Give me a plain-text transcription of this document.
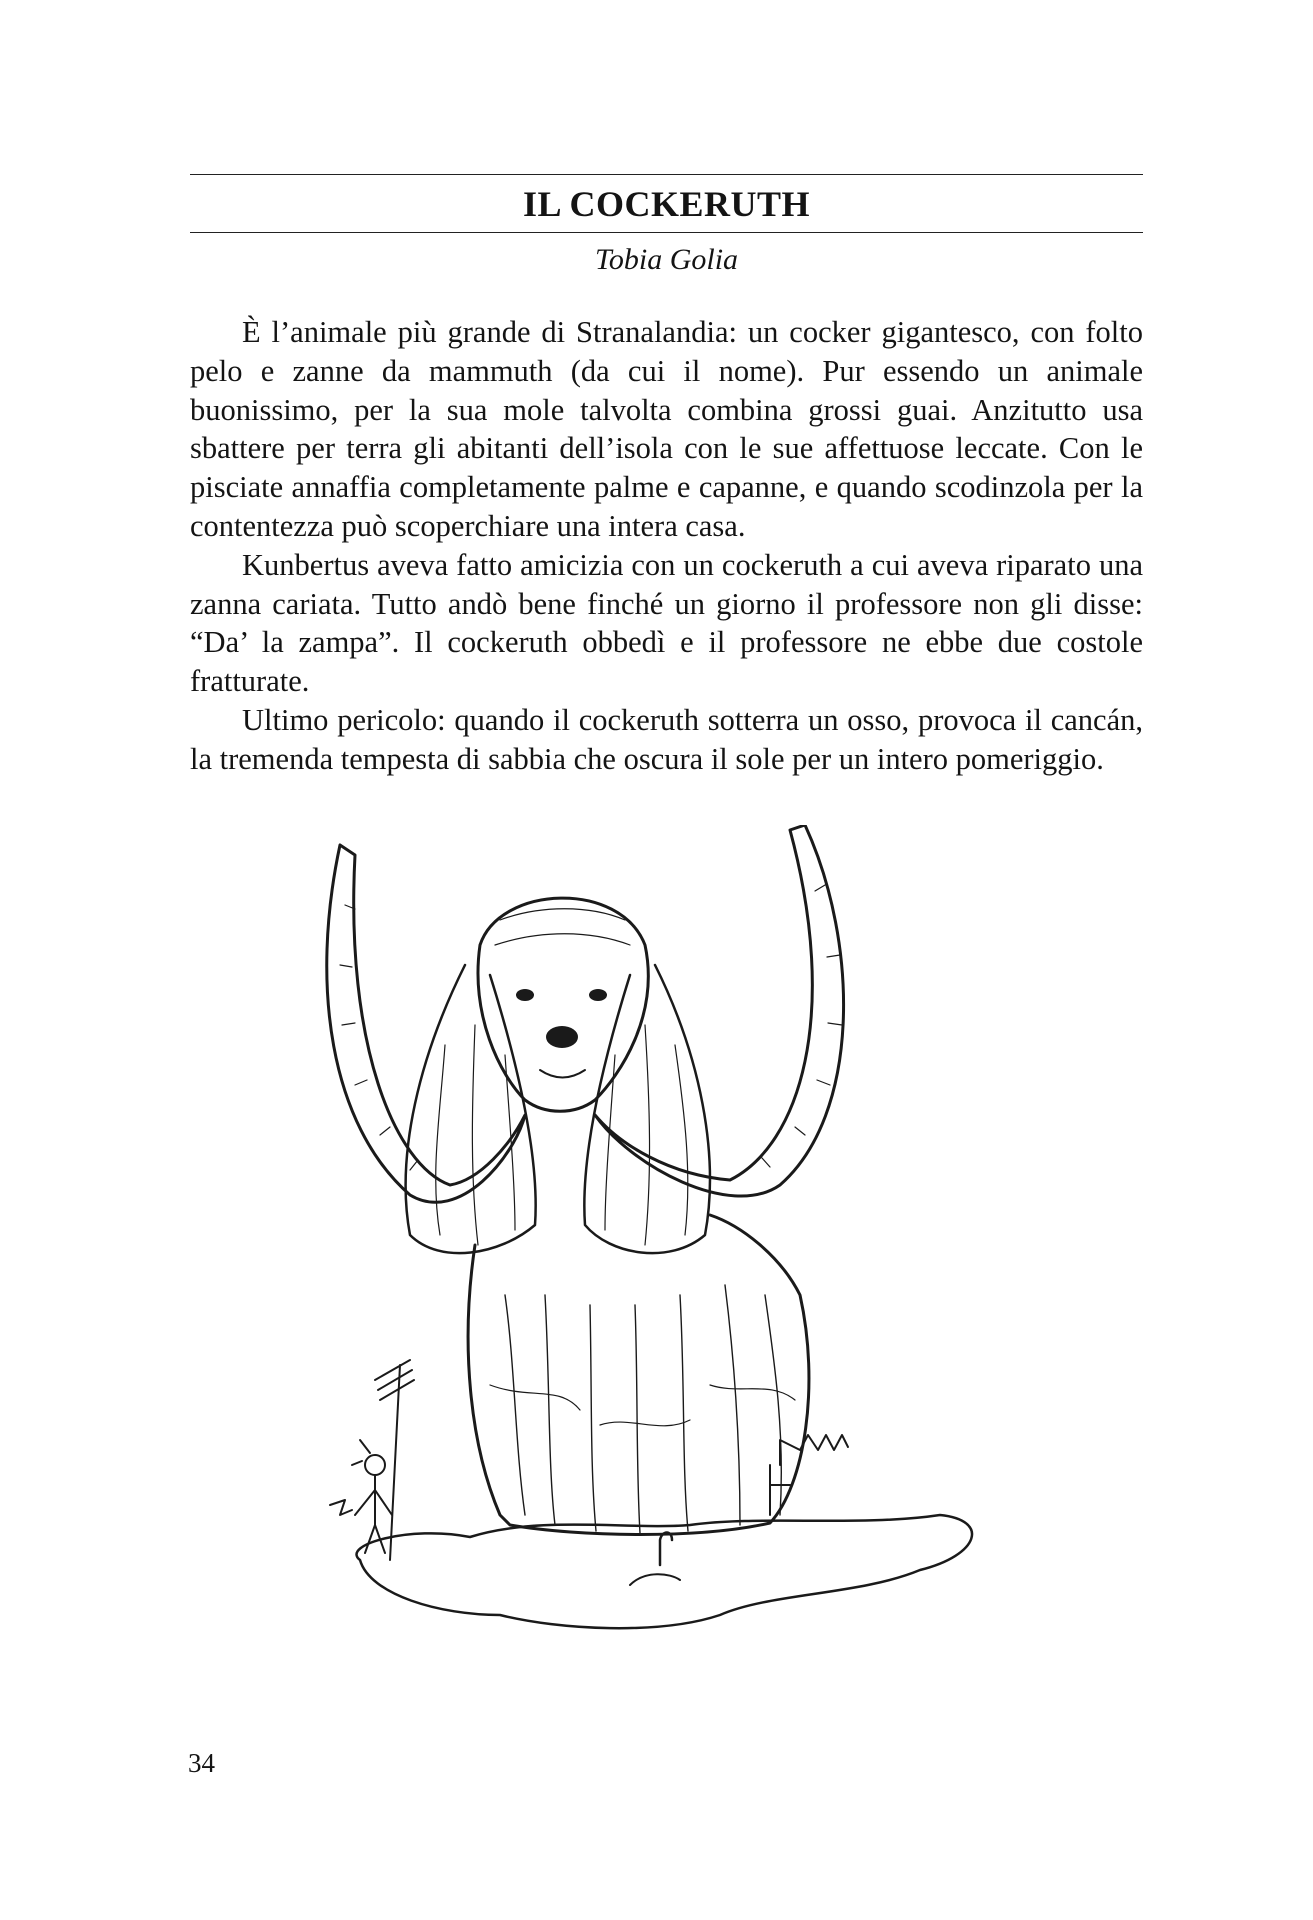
IL COCKERUTH
Tobia Golia

È l’animale più grande di Stranalandia: un cocker gigantesco, con folto pelo e zanne da mammuth (da cui il nome). Pur essendo un animale buonissimo, per la sua mole talvolta combina grossi guai. Anzitutto usa sbattere per terra gli abitanti dell’isola con le sue affettuose leccate. Con le pisciate annaffia completamente palme e capanne, e quando scodinzola per la contentezza può scoperchiare una intera casa.

Kunbertus aveva fatto amicizia con un cockeruth a cui aveva riparato una zanna cariata. Tutto andò bene finché un giorno il professore non gli disse: “Da’ la zampa”. Il cockeruth obbedì e il professore ne ebbe due costole fratturate.

Ultimo pericolo: quando il cockeruth sotterra un osso, provoca il cancán, la tremenda tempesta di sabbia che oscura il sole per un intero pomeriggio.

34
